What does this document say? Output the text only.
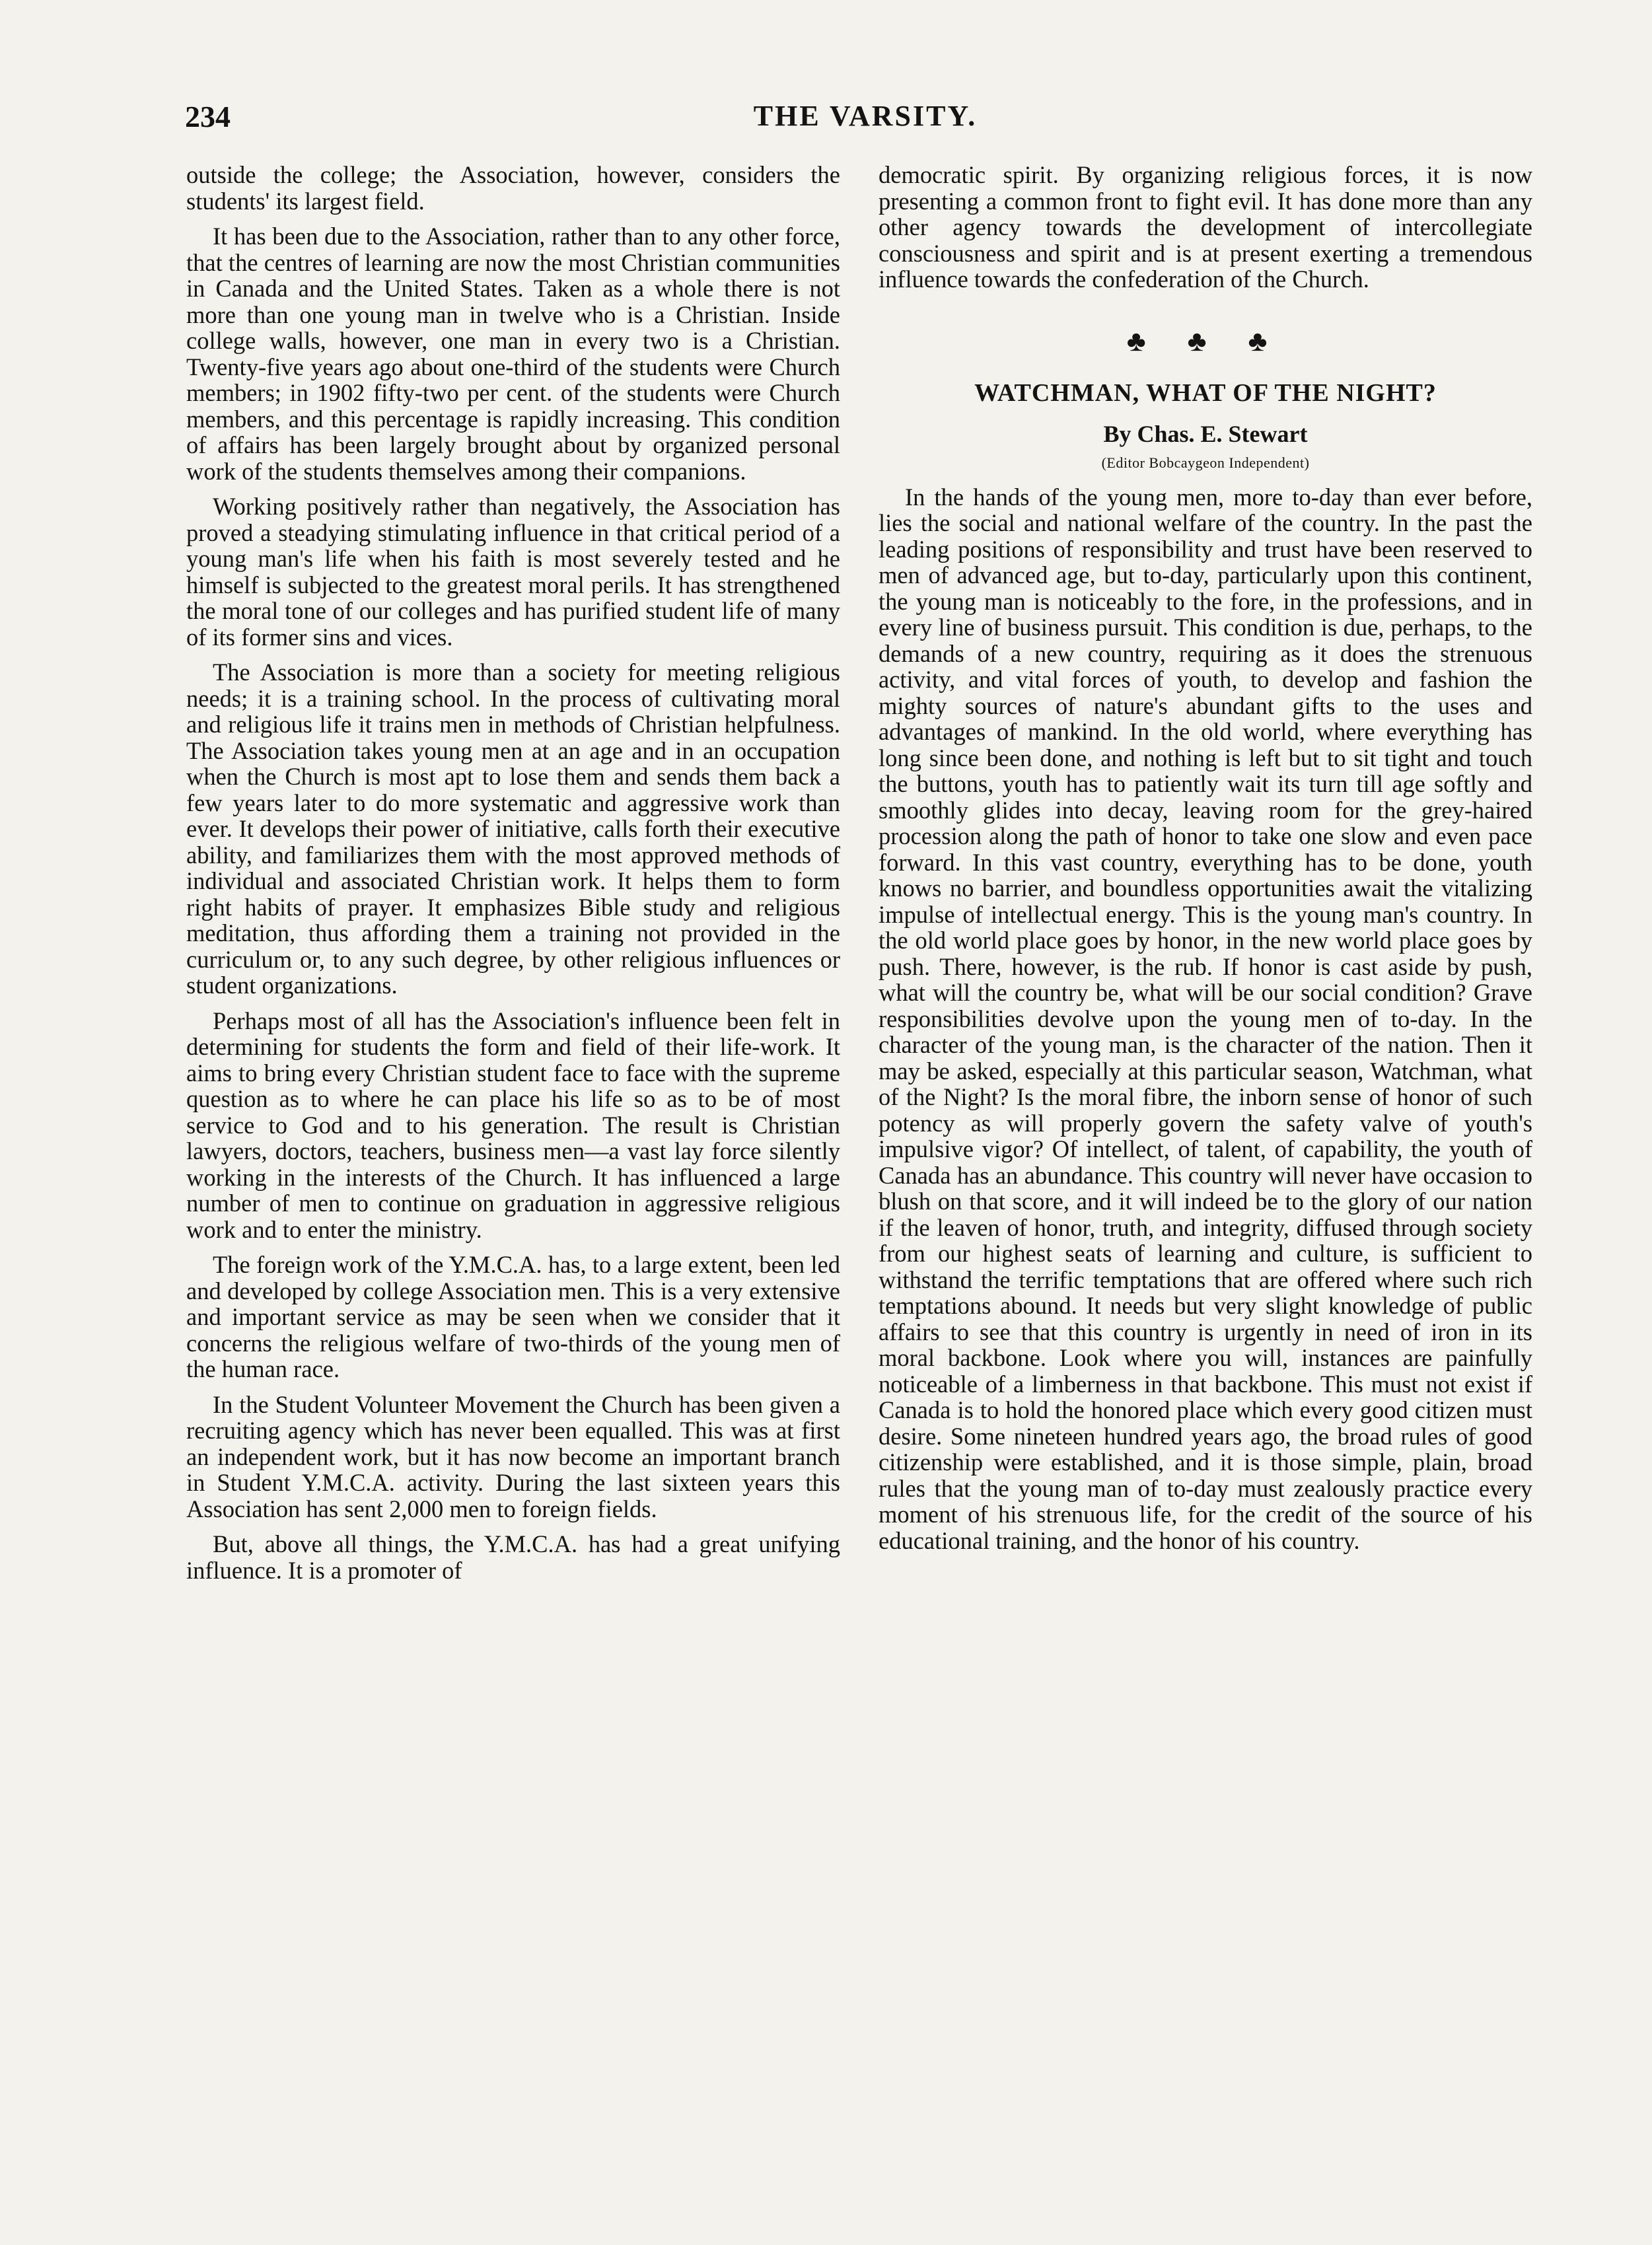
234	THE VARSITY.

outside the college; the Association, however, considers the students' its largest field.

It has been due to the Association, rather than to any other force, that the centres of learning are now the most Christian communities in Canada and the United States. Taken as a whole there is not more than one young man in twelve who is a Christian. Inside college walls, however, one man in every two is a Christian. Twenty-five years ago about one-third of the students were Church members; in 1902 fifty-two per cent. of the students were Church members, and this percentage is rapidly increasing. This condition of affairs has been largely brought about by organized personal work of the students themselves among their companions.

Working positively rather than negatively, the Association has proved a steadying stimulating influence in that critical period of a young man's life when his faith is most severely tested and he himself is subjected to the greatest moral perils. It has strengthened the moral tone of our colleges and has purified student life of many of its former sins and vices.

The Association is more than a society for meeting religious needs; it is a training school. In the process of cultivating moral and religious life it trains men in methods of Christian helpfulness. The Association takes young men at an age and in an occupation when the Church is most apt to lose them and sends them back a few years later to do more systematic and aggressive work than ever. It develops their power of initiative, calls forth their executive ability, and familiarizes them with the most approved methods of individual and associated Christian work. It helps them to form right habits of prayer. It emphasizes Bible study and religious meditation, thus affording them a training not provided in the curriculum or, to any such degree, by other religious influences or student organizations.

Perhaps most of all has the Association's influence been felt in determining for students the form and field of their life-work. It aims to bring every Christian student face to face with the supreme question as to where he can place his life so as to be of most service to God and to his generation. The result is Christian lawyers, doctors, teachers, business men—a vast lay force silently working in the interests of the Church. It has influenced a large number of men to continue on graduation in aggressive religious work and to enter the ministry.

The foreign work of the Y.M.C.A. has, to a large extent, been led and developed by college Association men. This is a very extensive and important service as may be seen when we consider that it concerns the religious welfare of two-thirds of the young men of the human race.

In the Student Volunteer Movement the Church has been given a recruiting agency which has never been equalled. This was at first an independent work, but it has now become an important branch in Student Y.M.C.A. activity. During the last sixteen years this Association has sent 2,000 men to foreign fields.

But, above all things, the Y.M.C.A. has had a great unifying influence. It is a promoter of

democratic spirit. By organizing religious forces, it is now presenting a common front to fight evil. It has done more than any other agency towards the development of intercollegiate consciousness and spirit and is at present exerting a tremendous influence towards the confederation of the Church.

♣ ♣ ♣
WATCHMAN, WHAT OF THE NIGHT?
By Chas. E. Stewart
(Editor Bobcaygeon Independent)

In the hands of the young men, more to-day than ever before, lies the social and national welfare of the country. In the past the leading positions of responsibility and trust have been reserved to men of advanced age, but to-day, particularly upon this continent, the young man is noticeably to the fore, in the professions, and in every line of business pursuit. This condition is due, perhaps, to the demands of a new country, requiring as it does the strenuous activity, and vital forces of youth, to develop and fashion the mighty sources of nature's abundant gifts to the uses and advantages of mankind. In the old world, where everything has long since been done, and nothing is left but to sit tight and touch the buttons, youth has to patiently wait its turn till age softly and smoothly glides into decay, leaving room for the grey-haired procession along the path of honor to take one slow and even pace forward. In this vast country, everything has to be done, youth knows no barrier, and boundless opportunities await the vitalizing impulse of intellectual energy. This is the young man's country. In the old world place goes by honor, in the new world place goes by push. There, however, is the rub. If honor is cast aside by push, what will the country be, what will be our social condition? Grave responsibilities devolve upon the young men of to-day. In the character of the young man, is the character of the nation. Then it may be asked, especially at this particular season, Watchman, what of the Night? Is the moral fibre, the inborn sense of honor of such potency as will properly govern the safety valve of youth's impulsive vigor? Of intellect, of talent, of capability, the youth of Canada has an abundance. This country will never have occasion to blush on that score, and it will indeed be to the glory of our nation if the leaven of honor, truth, and integrity, diffused through society from our highest seats of learning and culture, is sufficient to withstand the terrific temptations that are offered where such rich temptations abound. It needs but very slight knowledge of public affairs to see that this country is urgently in need of iron in its moral backbone. Look where you will, instances are painfully noticeable of a limberness in that backbone. This must not exist if Canada is to hold the honored place which every good citizen must desire. Some nineteen hundred years ago, the broad rules of good citizenship were established, and it is those simple, plain, broad rules that the young man of to-day must zealously practice every moment of his strenuous life, for the credit of the source of his educational training, and the honor of his country.
